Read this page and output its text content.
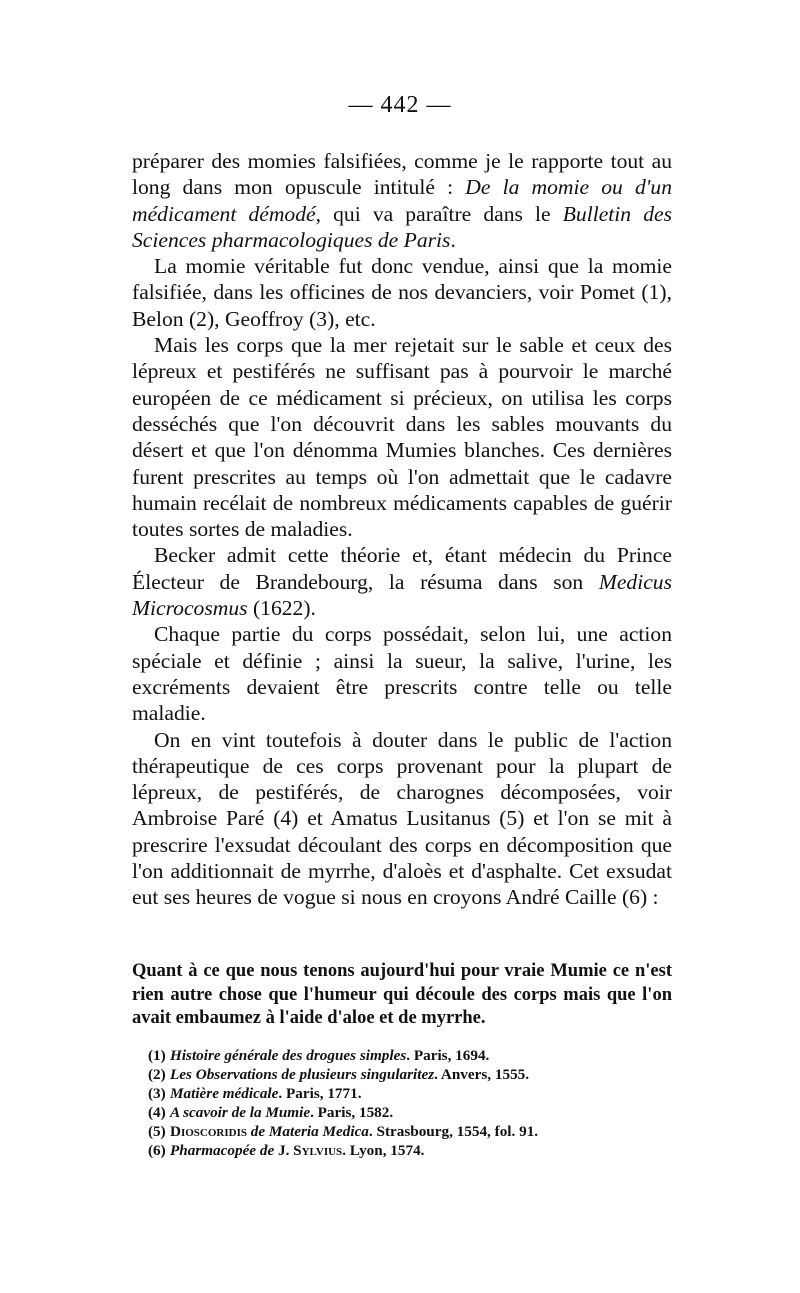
— 442 —

préparer des momies falsifiées, comme je le rapporte tout au long dans mon opuscule intitulé : De la momie ou d'un médicament démodé, qui va paraître dans le Bulletin des Sciences pharmacologiques de Paris.

La momie véritable fut donc vendue, ainsi que la momie falsifiée, dans les officines de nos devanciers, voir Pomet (1), Belon (2), Geoffroy (3), etc.

Mais les corps que la mer rejetait sur le sable et ceux des lépreux et pestiférés ne suffisant pas à pourvoir le marché européen de ce médicament si précieux, on utilisa les corps desséchés que l'on découvrit dans les sables mouvants du désert et que l'on dénomma Mumies blanches. Ces dernières furent prescrites au temps où l'on admettait que le cadavre humain recélait de nombreux médicaments capables de guérir toutes sortes de maladies.

Becker admit cette théorie et, étant médecin du Prince Électeur de Brandebourg, la résuma dans son Medicus Microcosmus (1622).

Chaque partie du corps possédait, selon lui, une action spéciale et définie ; ainsi la sueur, la salive, l'urine, les excréments devaient être prescrits contre telle ou telle maladie.

On en vint toutefois à douter dans le public de l'action thérapeutique de ces corps provenant pour la plupart de lépreux, de pestiférés, de charognes décomposées, voir Ambroise Paré (4) et Amatus Lusitanus (5) et l'on se mit à prescrire l'exsudat découlant des corps en décomposition que l'on additionnait de myrrhe, d'aloès et d'asphalte. Cet exsudat eut ses heures de vogue si nous en croyons André Caille (6) :

Quant à ce que nous tenons aujourd'hui pour vraie Mumie ce n'est rien autre chose que l'humeur qui découle des corps mais que l'on avait embaumez à l'aide d'aloe et de myrrhe.

(1) Histoire générale des drogues simples. Paris, 1694.
(2) Les Observations de plusieurs singularitez. Anvers, 1555.
(3) Matière médicale. Paris, 1771.
(4) A scavoir de la Mumie. Paris, 1582.
(5) Dioscoridis de Materia Medica. Strasbourg, 1554, fol. 91.
(6) Pharmacopée de J. Sylvius. Lyon, 1574.
